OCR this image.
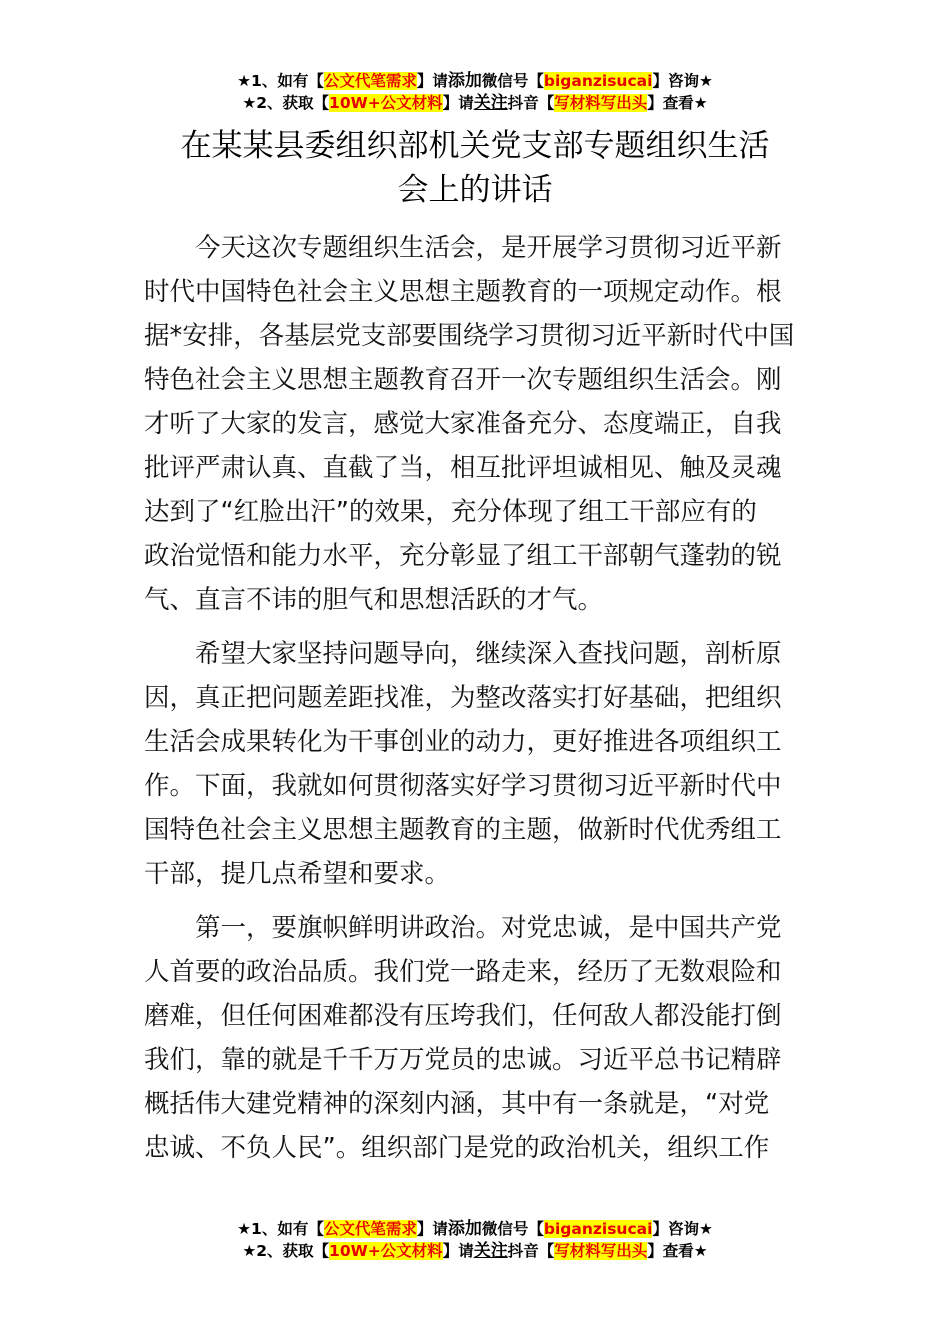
★1、如有【公文代笔需求】请添加微信号【biganzisucai】咨询★
★2、获取【10W+公文材料】请关注抖音【写材料写出头】查看★
在某某县委组织部机关党支部专题组织生活
会上的讲话

今天这次专题组织生活会，是开展学习贯彻习近平新
时代中国特色社会主义思想主题教育的一项规定动作。根
据*安排，各基层党支部要围绕学习贯彻习近平新时代中国
特色社会主义思想主题教育召开一次专题组织生活会。刚
才听了大家的发言，感觉大家准备充分、态度端正，自我
批评严肃认真、直截了当，相互批评坦诚相见、触及灵魂
达到了“红脸出汗”的效果，充分体现了组工干部应有的
政治觉悟和能力水平，充分彰显了组工干部朝气蓬勃的锐
气、直言不讳的胆气和思想活跃的才气。

希望大家坚持问题导向，继续深入查找问题，剖析原
因，真正把问题差距找准，为整改落实打好基础，把组织
生活会成果转化为干事创业的动力，更好推进各项组织工
作。下面，我就如何贯彻落实好学习贯彻习近平新时代中
国特色社会主义思想主题教育的主题，做新时代优秀组工
干部，提几点希望和要求。

第一，要旗帜鲜明讲政治。对党忠诚，是中国共产党
人首要的政治品质。我们党一路走来，经历了无数艰险和
磨难，但任何困难都没有压垮我们，任何敌人都没能打倒
我们，靠的就是千千万万党员的忠诚。习近平总书记精辟
概括伟大建党精神的深刻内涵，其中有一条就是，“对党
忠诚、不负人民”。组织部门是党的政治机关，组织工作

★1、如有【公文代笔需求】请添加微信号【biganzisucai】咨询★
★2、获取【10W+公文材料】请关注抖音【写材料写出头】查看★
